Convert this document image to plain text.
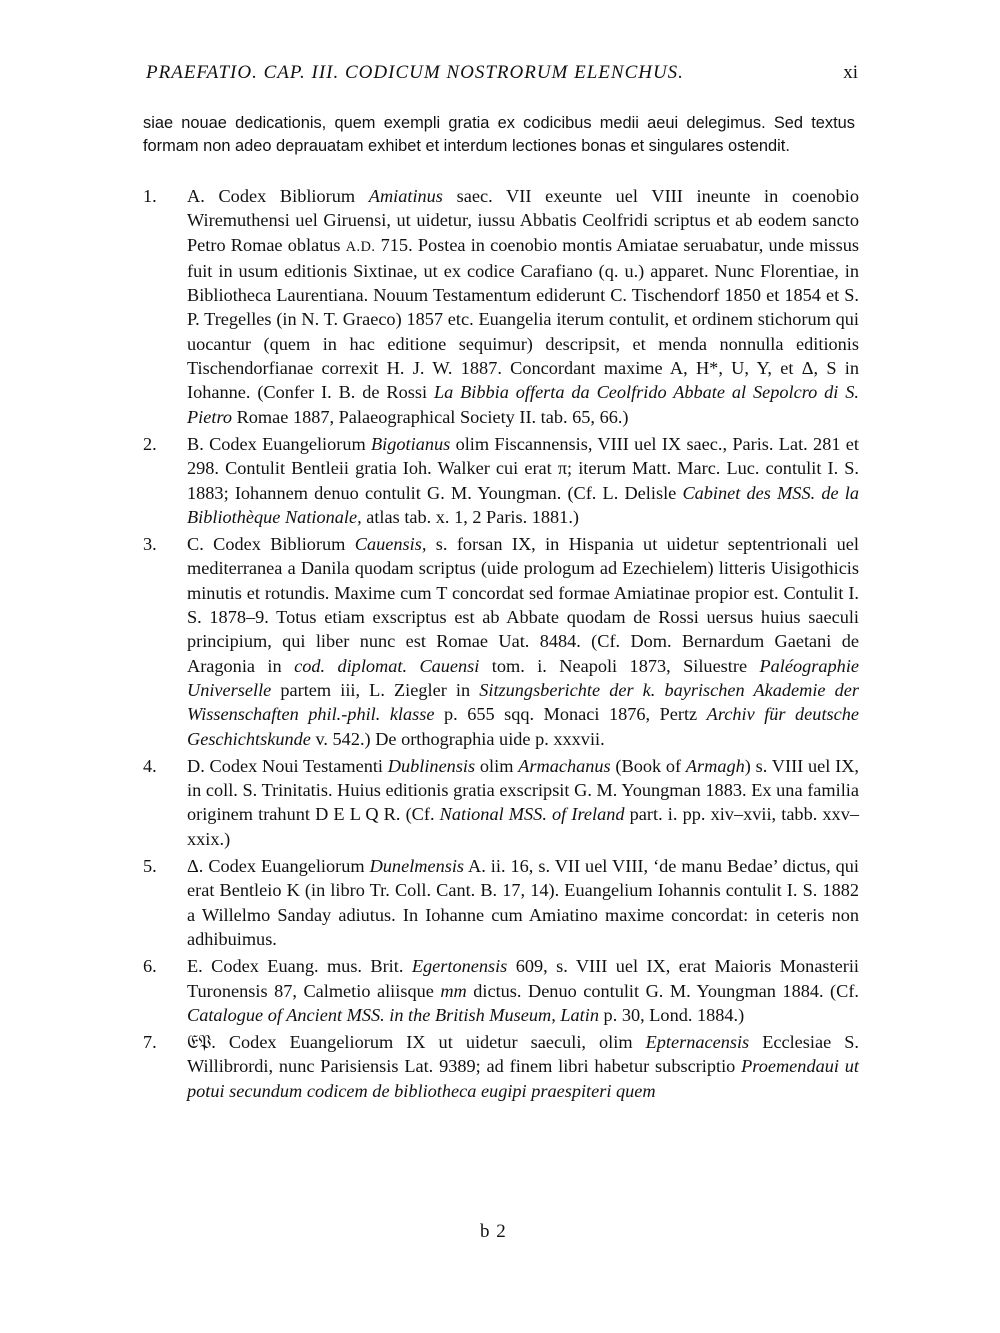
PRAEFATIO. CAP. III. CODICUM NOSTRORUM ELENCHUS.	xi

siae nouae dedicationis, quem exempli gratia ex codicibus medii aeui delegimus. Sed textus formam non adeo deprauatam exhibet et interdum lectiones bonas et singulares ostendit.

1.	A. Codex Bibliorum Amiatinus saec. VII exeunte uel VIII ineunte in coenobio Wiremuthensi uel Giruensi, ut uidetur, iussu Abbatis Ceolfridi scriptus et ab eodem sancto Petro Romae oblatus A.D. 715. Postea in coenobio montis Amiatae seruabatur, unde missus fuit in usum editionis Sixtinae, ut ex codice Carafiano (q. u.) apparet. Nunc Florentiae, in Bibliotheca Laurentiana. Nouum Testamentum ediderunt C. Tischendorf 1850 et 1854 et S. P. Tregelles (in N. T. Graeco) 1857 etc. Euangelia iterum contulit, et ordinem stichorum qui uocantur (quem in hac editione sequimur) descripsit, et menda nonnulla editionis Tischendorfianae correxit H. J. W. 1887. Concordant maxime A, H*, U, Y, et Δ, S in Iohanne. (Confer I. B. de Rossi La Bibbia offerta da Ceolfrido Abbate al Sepolcro di S. Pietro Romae 1887, Palaeographical Society II. tab. 65, 66.)

2.	B. Codex Euangeliorum Bigotianus olim Fiscannensis, VIII uel IX saec., Paris. Lat. 281 et 298. Contulit Bentleii gratia Ioh. Walker cui erat π; iterum Matt. Marc. Luc. contulit I. S. 1883; Iohannem denuo contulit G. M. Youngman. (Cf. L. Delisle Cabinet des MSS. de la Bibliothèque Nationale, atlas tab. x. 1, 2 Paris. 1881.)

3.	C. Codex Bibliorum Cauensis, s. forsan IX, in Hispania ut uidetur septentrionali uel mediterranea a Danila quodam scriptus (uide prologum ad Ezechielem) litteris Uisigothicis minutis et rotundis. Maxime cum T concordat sed formae Amiatinae propior est. Contulit I. S. 1878–9. Totus etiam exscriptus est ab Abbate quodam de Rossi uersus huius saeculi principium, qui liber nunc est Romae Uat. 8484. (Cf. Dom. Bernardum Gaetani de Aragonia in cod. diplomat. Cauensi tom. i. Neapoli 1873, Siluestre Paléographie Universelle partem iii, L. Ziegler in Sitzungsberichte der k. bayrischen Akademie der Wissenschaften phil.-phil. klasse p. 655 sqq. Monaci 1876, Pertz Archiv für deutsche Geschichtskunde v. 542.) De orthographia uide p. xxxvii.

4.	D. Codex Noui Testamenti Dublinensis olim Armachanus (Book of Armagh) s. VIII uel IX, in coll. S. Trinitatis. Huius editionis gratia exscripsit G. M. Youngman 1883. Ex una familia originem trahunt D E L Q R. (Cf. National MSS. of Ireland part. i. pp. xiv–xvii, tabb. xxv–xxix.)

5.	Δ. Codex Euangeliorum Dunelmensis A. ii. 16, s. VII uel VIII, ‘de manu Bedae’ dictus, qui erat Bentleio K (in libro Tr. Coll. Cant. B. 17, 14). Euangelium Iohannis contulit I. S. 1882 a Willelmo Sanday adiutus. In Iohanne cum Amiatino maxime concordat: in ceteris non adhibuimus.

6.	E. Codex Euang. mus. Brit. Egertonensis 609, s. VIII uel IX, erat Maioris Monasterii Turonensis 87, Calmetio aliisque mm dictus. Denuo contulit G. M. Youngman 1884. (Cf. Catalogue of Ancient MSS. in the British Museum, Latin p. 30, Lond. 1884.)

7.	𝔈𝔓. Codex Euangeliorum IX ut uidetur saeculi, olim Epternacensis Ecclesiae S. Willibrordi, nunc Parisiensis Lat. 9389; ad finem libri habetur subscriptio Proemendaui ut potui secundum codicem de bibliotheca eugipi praespiteri quem

b 2
